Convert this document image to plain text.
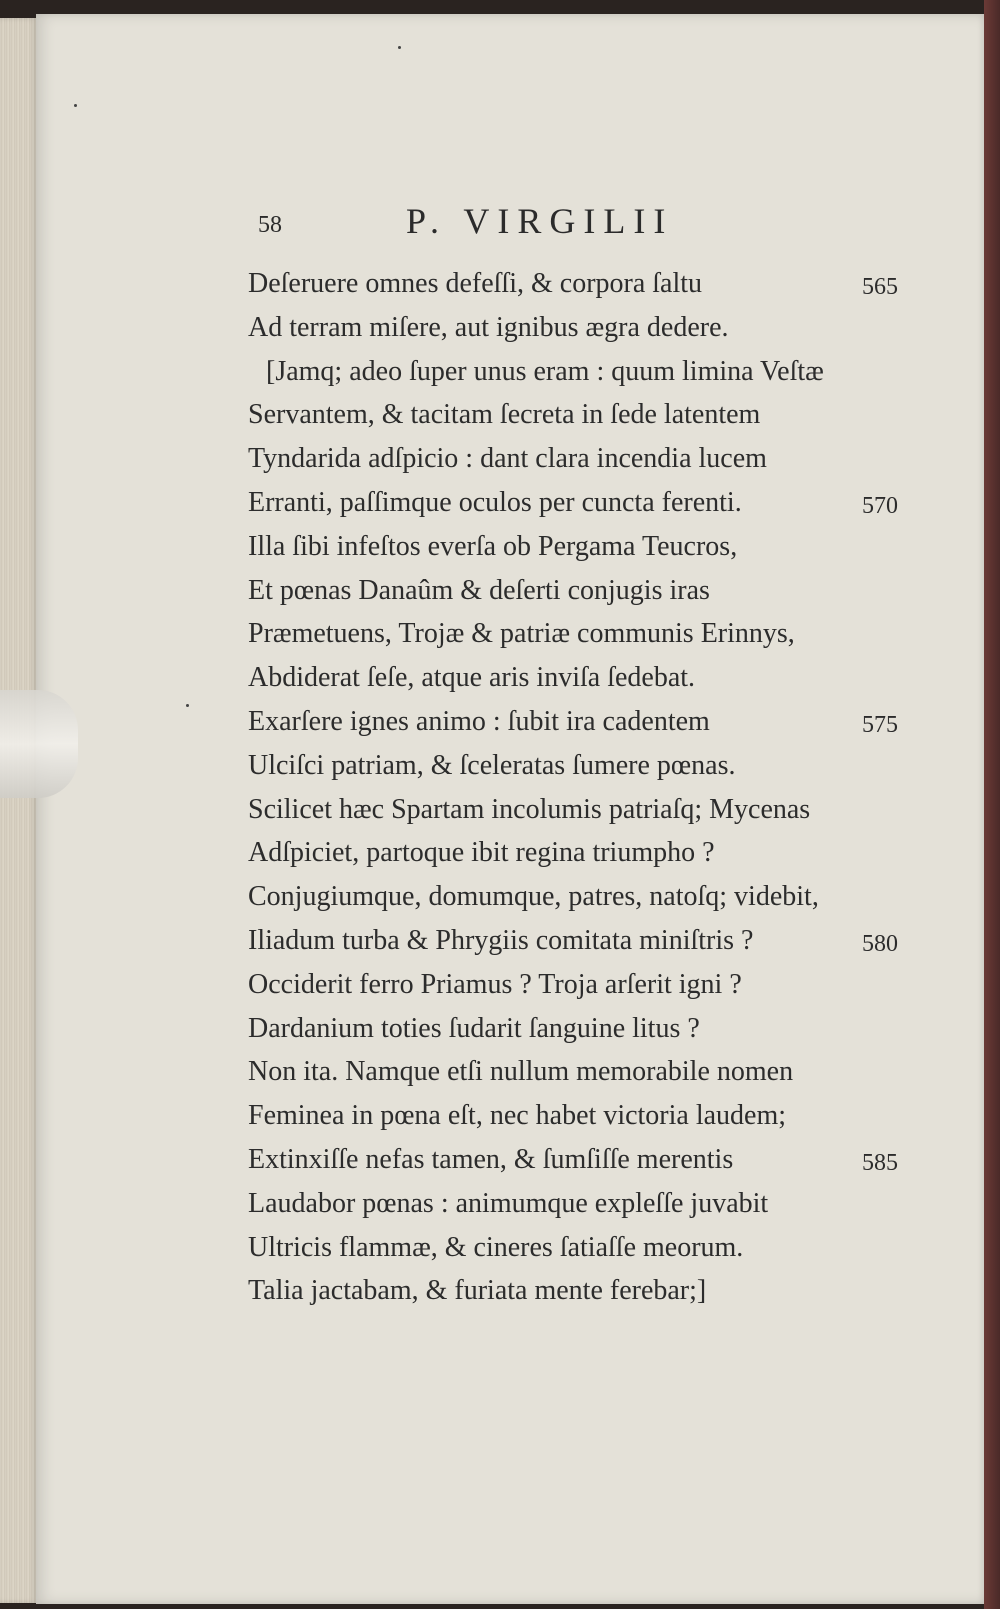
58	P. VIRGILII
Deſeruere omnes defeſſi, & corpora ſaltu	565
Ad terram miſere, aut ignibus ægra dedere.
[Jamq; adeo ſuper unus eram : quum limina Veſtæ
Servantem, & tacitam ſecreta in ſede latentem
Tyndarida adſpicio : dant clara incendia lucem
Erranti, paſſimque oculos per cuncta ferenti.	570
Illa ſibi infeſtos everſa ob Pergama Teucros,
Et pœnas Danaûm & deſerti conjugis iras
Præmetuens, Trojæ & patriæ communis Erinnys,
Abdiderat ſeſe, atque aris inviſa ſedebat.
Exarſere ignes animo : ſubit ira cadentem	575
Ulciſci patriam, & ſceleratas ſumere pœnas.
Scilicet hæc Spartam incolumis patriaſq; Mycenas
Adſpiciet, partoque ibit regina triumpho ?
Conjugiumque, domumque, patres, natoſq; videbit,
Iliadum turba & Phrygiis comitata miniſtris ?	580
Occiderit ferro Priamus ? Troja arſerit igni ?
Dardanium toties ſudarit ſanguine litus ?
Non ita. Namque etſi nullum memorabile nomen
Feminea in pœna eſt, nec habet victoria laudem;
Extinxiſſe nefas tamen, & ſumſiſſe merentis	585
Laudabor pœnas : animumque expleſſe juvabit
Ultricis flammæ, & cineres ſatiaſſe meorum.
Talia jactabam, & furiata mente ferebar;]
